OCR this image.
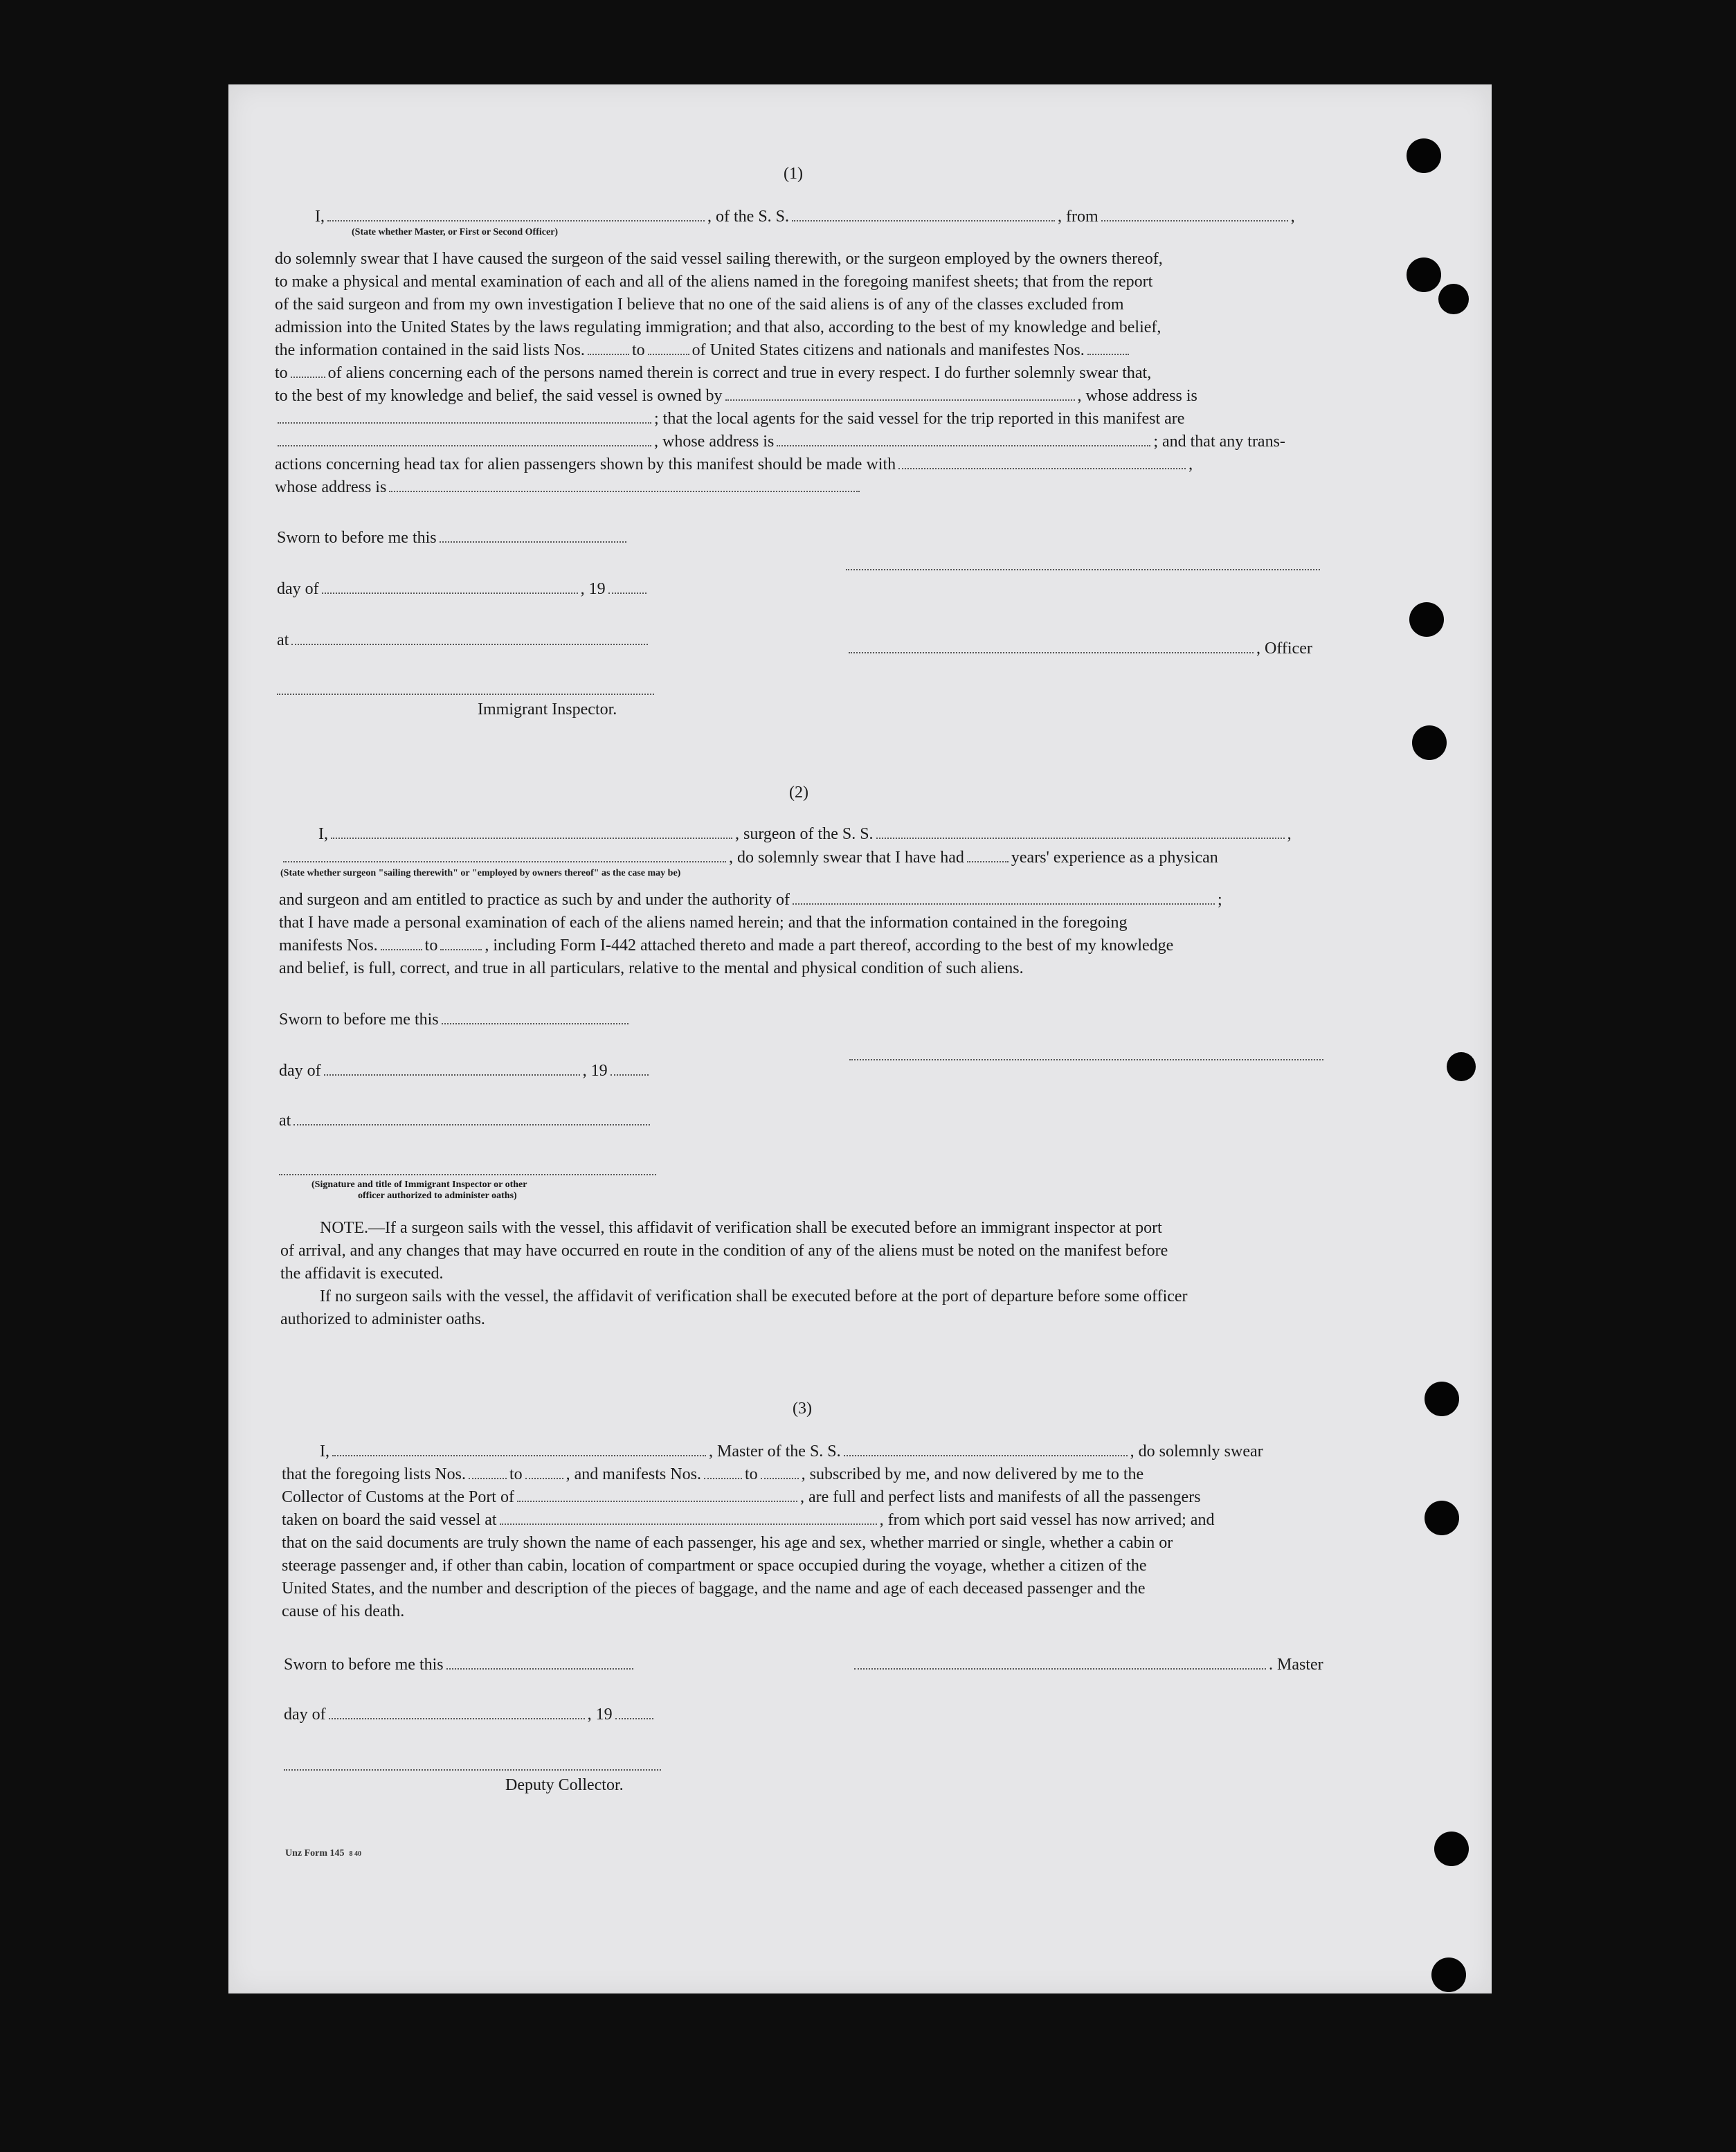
(1)
I,	, of the S. S.	, from	,
(State whether Master, or First or Second Officer)
do solemnly swear that I have caused the surgeon of the said vessel sailing therewith, or the surgeon employed by the owners thereof,
to make a physical and mental examination of each and all of the aliens named in the foregoing manifest sheets; that from the report
of the said surgeon and from my own investigation I believe that no one of the said aliens is of any of the classes excluded from
admission into the United States by the laws regulating immigration; and that also, according to the best of my knowledge and belief,
the information contained in the said lists Nos.	to	of United States citizens and nationals and manifestes Nos.
to of aliens concerning each of the persons named therein is correct and true in every respect. I do further solemnly swear that,
to the best of my knowledge and belief, the said vessel is owned by	, whose address is
; that the local agents for the said vessel for the trip reported in this manifest are
, whose address is	; and that any trans-
actions concerning head tax for alien passengers shown by this manifest should be made with	,
whose address is
Sworn to before me this
day of	, 19
at	, Officer
Immigrant Inspector.
(2)
I,	, surgeon of the S. S.	,
, do solemnly swear that I have had	years' experience as a physican
(State whether surgeon "sailing therewith" or "employed by owners thereof" as the case may be)
and surgeon and am entitled to practice as such by and under the authority of	;
that I have made a personal examination of each of the aliens named herein; and that the information contained in the foregoing
manifests Nos.	to	, including Form I-442 attached thereto and made a part thereof, according to the best of my knowledge
and belief, is full, correct, and true in all particulars, relative to the mental and physical condition of such aliens.
Sworn to before me this
day of	, 19
at
(Signature and title of Immigrant Inspector or other
officer authorized to administer oaths)
NOTE.—If a surgeon sails with the vessel, this affidavit of verification shall be executed before an immigrant inspector at port
of arrival, and any changes that may have occurred en route in the condition of any of the aliens must be noted on the manifest before
the affidavit is executed.
If no surgeon sails with the vessel, the affidavit of verification shall be executed before at the port of departure before some officer
authorized to administer oaths.
(3)
I,	, Master of the S. S.	, do solemnly swear
that the foregoing lists Nos.	to	, and manifests Nos.	to	, subscribed by me, and now delivered by me to the
Collector of Customs at the Port of	, are full and perfect lists and manifests of all the passengers
taken on board the said vessel at	, from which port said vessel has now arrived; and
that on the said documents are truly shown the name of each passenger, his age and sex, whether married or single, whether a cabin or
steerage passenger and, if other than cabin, location of compartment or space occupied during the voyage, whether a citizen of the
United States, and the number and description of the pieces of baggage, and the name and age of each deceased passenger and the
cause of his death.
Sworn to before me this	. Master
day of	, 19
Deputy Collector.
Unz Form 145 8 40
